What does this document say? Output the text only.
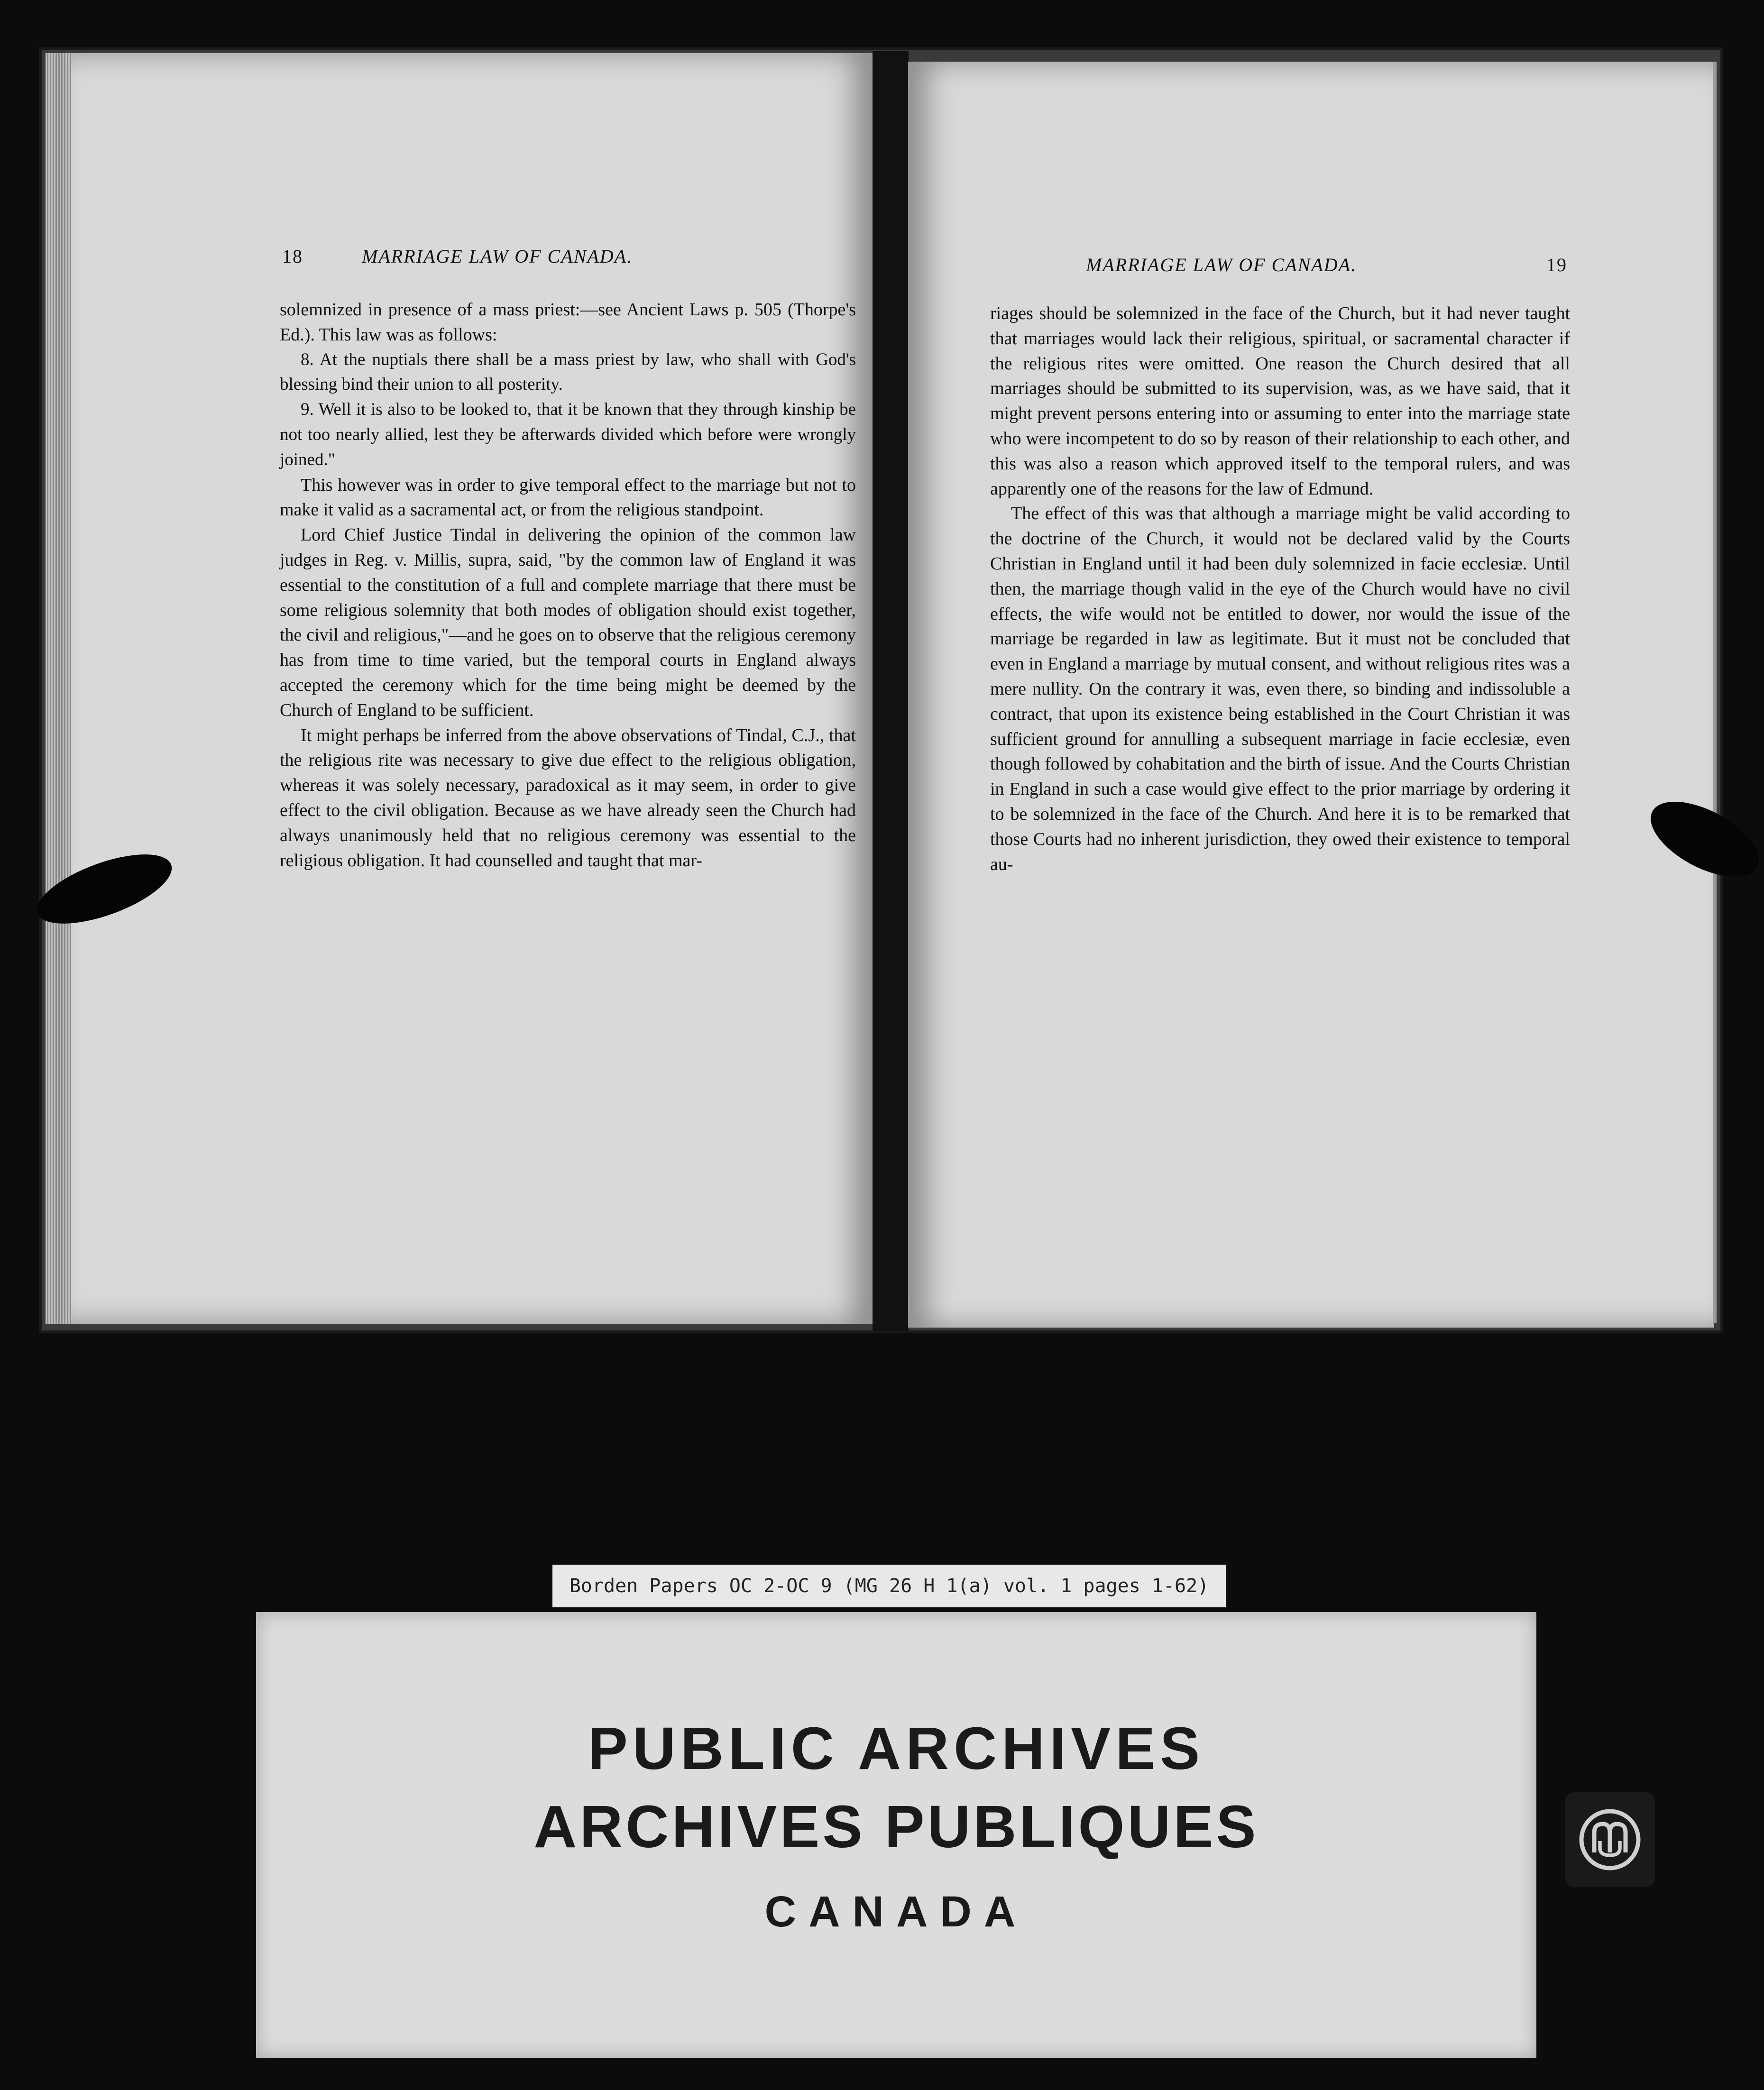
18	MARRIAGE LAW OF CANADA.

solemnized in presence of a mass priest:—see Ancient Laws p. 505 (Thorpe's Ed.). This law was as follows:

8. At the nuptials there shall be a mass priest by law, who shall with God's blessing bind their union to all posterity.

9. Well it is also to be looked to, that it be known that they through kinship be not too nearly allied, lest they be afterwards divided which before were wrongly joined."

This however was in order to give temporal effect to the marriage but not to make it valid as a sacramental act, or from the religious standpoint.

Lord Chief Justice Tindal in delivering the opinion of the common law judges in Reg. v. Millis, supra, said, "by the common law of England it was essential to the constitution of a full and complete marriage that there must be some religious solemnity that both modes of obligation should exist together, the civil and religious,"—and he goes on to observe that the religious ceremony has from time to time varied, but the temporal courts in England always accepted the ceremony which for the time being might be deemed by the Church of England to be sufficient.

It might perhaps be inferred from the above observations of Tindal, C.J., that the religious rite was necessary to give due effect to the religious obligation, whereas it was solely necessary, paradoxical as it may seem, in order to give effect to the civil obligation. Because as we have already seen the Church had always unanimously held that no religious ceremony was essential to the religious obligation. It had counselled and taught that mar-

MARRIAGE LAW OF CANADA.	19

riages should be solemnized in the face of the Church, but it had never taught that marriages would lack their religious, spiritual, or sacramental character if the religious rites were omitted. One reason the Church desired that all marriages should be submitted to its supervision, was, as we have said, that it might prevent persons entering into or assuming to enter into the marriage state who were incompetent to do so by reason of their relationship to each other, and this was also a reason which approved itself to the temporal rulers, and was apparently one of the reasons for the law of Edmund.

The effect of this was that although a marriage might be valid according to the doctrine of the Church, it would not be declared valid by the Courts Christian in England until it had been duly solemnized in facie ecclesiæ. Until then, the marriage though valid in the eye of the Church would have no civil effects, the wife would not be entitled to dower, nor would the issue of the marriage be regarded in law as legitimate. But it must not be concluded that even in England a marriage by mutual consent, and without religious rites was a mere nullity. On the contrary it was, even there, so binding and indissoluble a contract, that upon its existence being established in the Court Christian it was sufficient ground for annulling a subsequent marriage in facie ecclesiæ, even though followed by cohabitation and the birth of issue. And the Courts Christian in England in such a case would give effect to the prior marriage by ordering it to be solemnized in the face of the Church. And here it is to be remarked that those Courts had no inherent jurisdiction, they owed their existence to temporal au-

Borden Papers OC 2-OC 9 (MG 26 H 1(a) vol. 1 pages 1-62)
PUBLIC ARCHIVES
ARCHIVES PUBLIQUES
CANADA
